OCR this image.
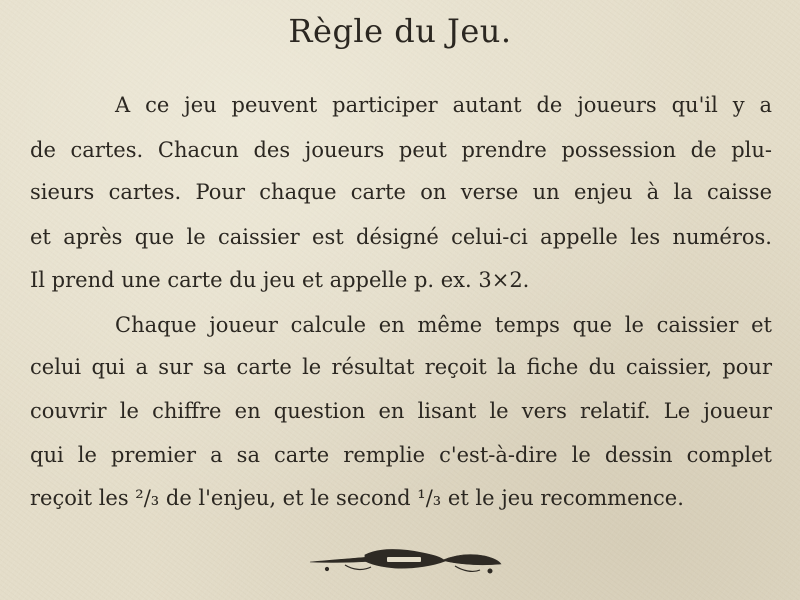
Règle du Jeu.
A ce jeu peuvent participer autant de joueurs qu'il y a
de cartes. Chacun des joueurs peut prendre possession de plu-
sieurs cartes. Pour chaque carte on verse un enjeu à la caisse
et après que le caissier est désigné celui-ci appelle les numéros.
Il prend une carte du jeu et appelle p. ex. 3×2.
Chaque joueur calcule en même temps que le caissier et
celui qui a sur sa carte le résultat reçoit la fiche du caissier, pour
couvrir le chiffre en question en lisant le vers relatif. Le joueur
qui le premier a sa carte remplie c'est-à-dire le dessin complet
reçoit les ²/₃ de l'enjeu, et le second ¹/₃ et le jeu recommence.
